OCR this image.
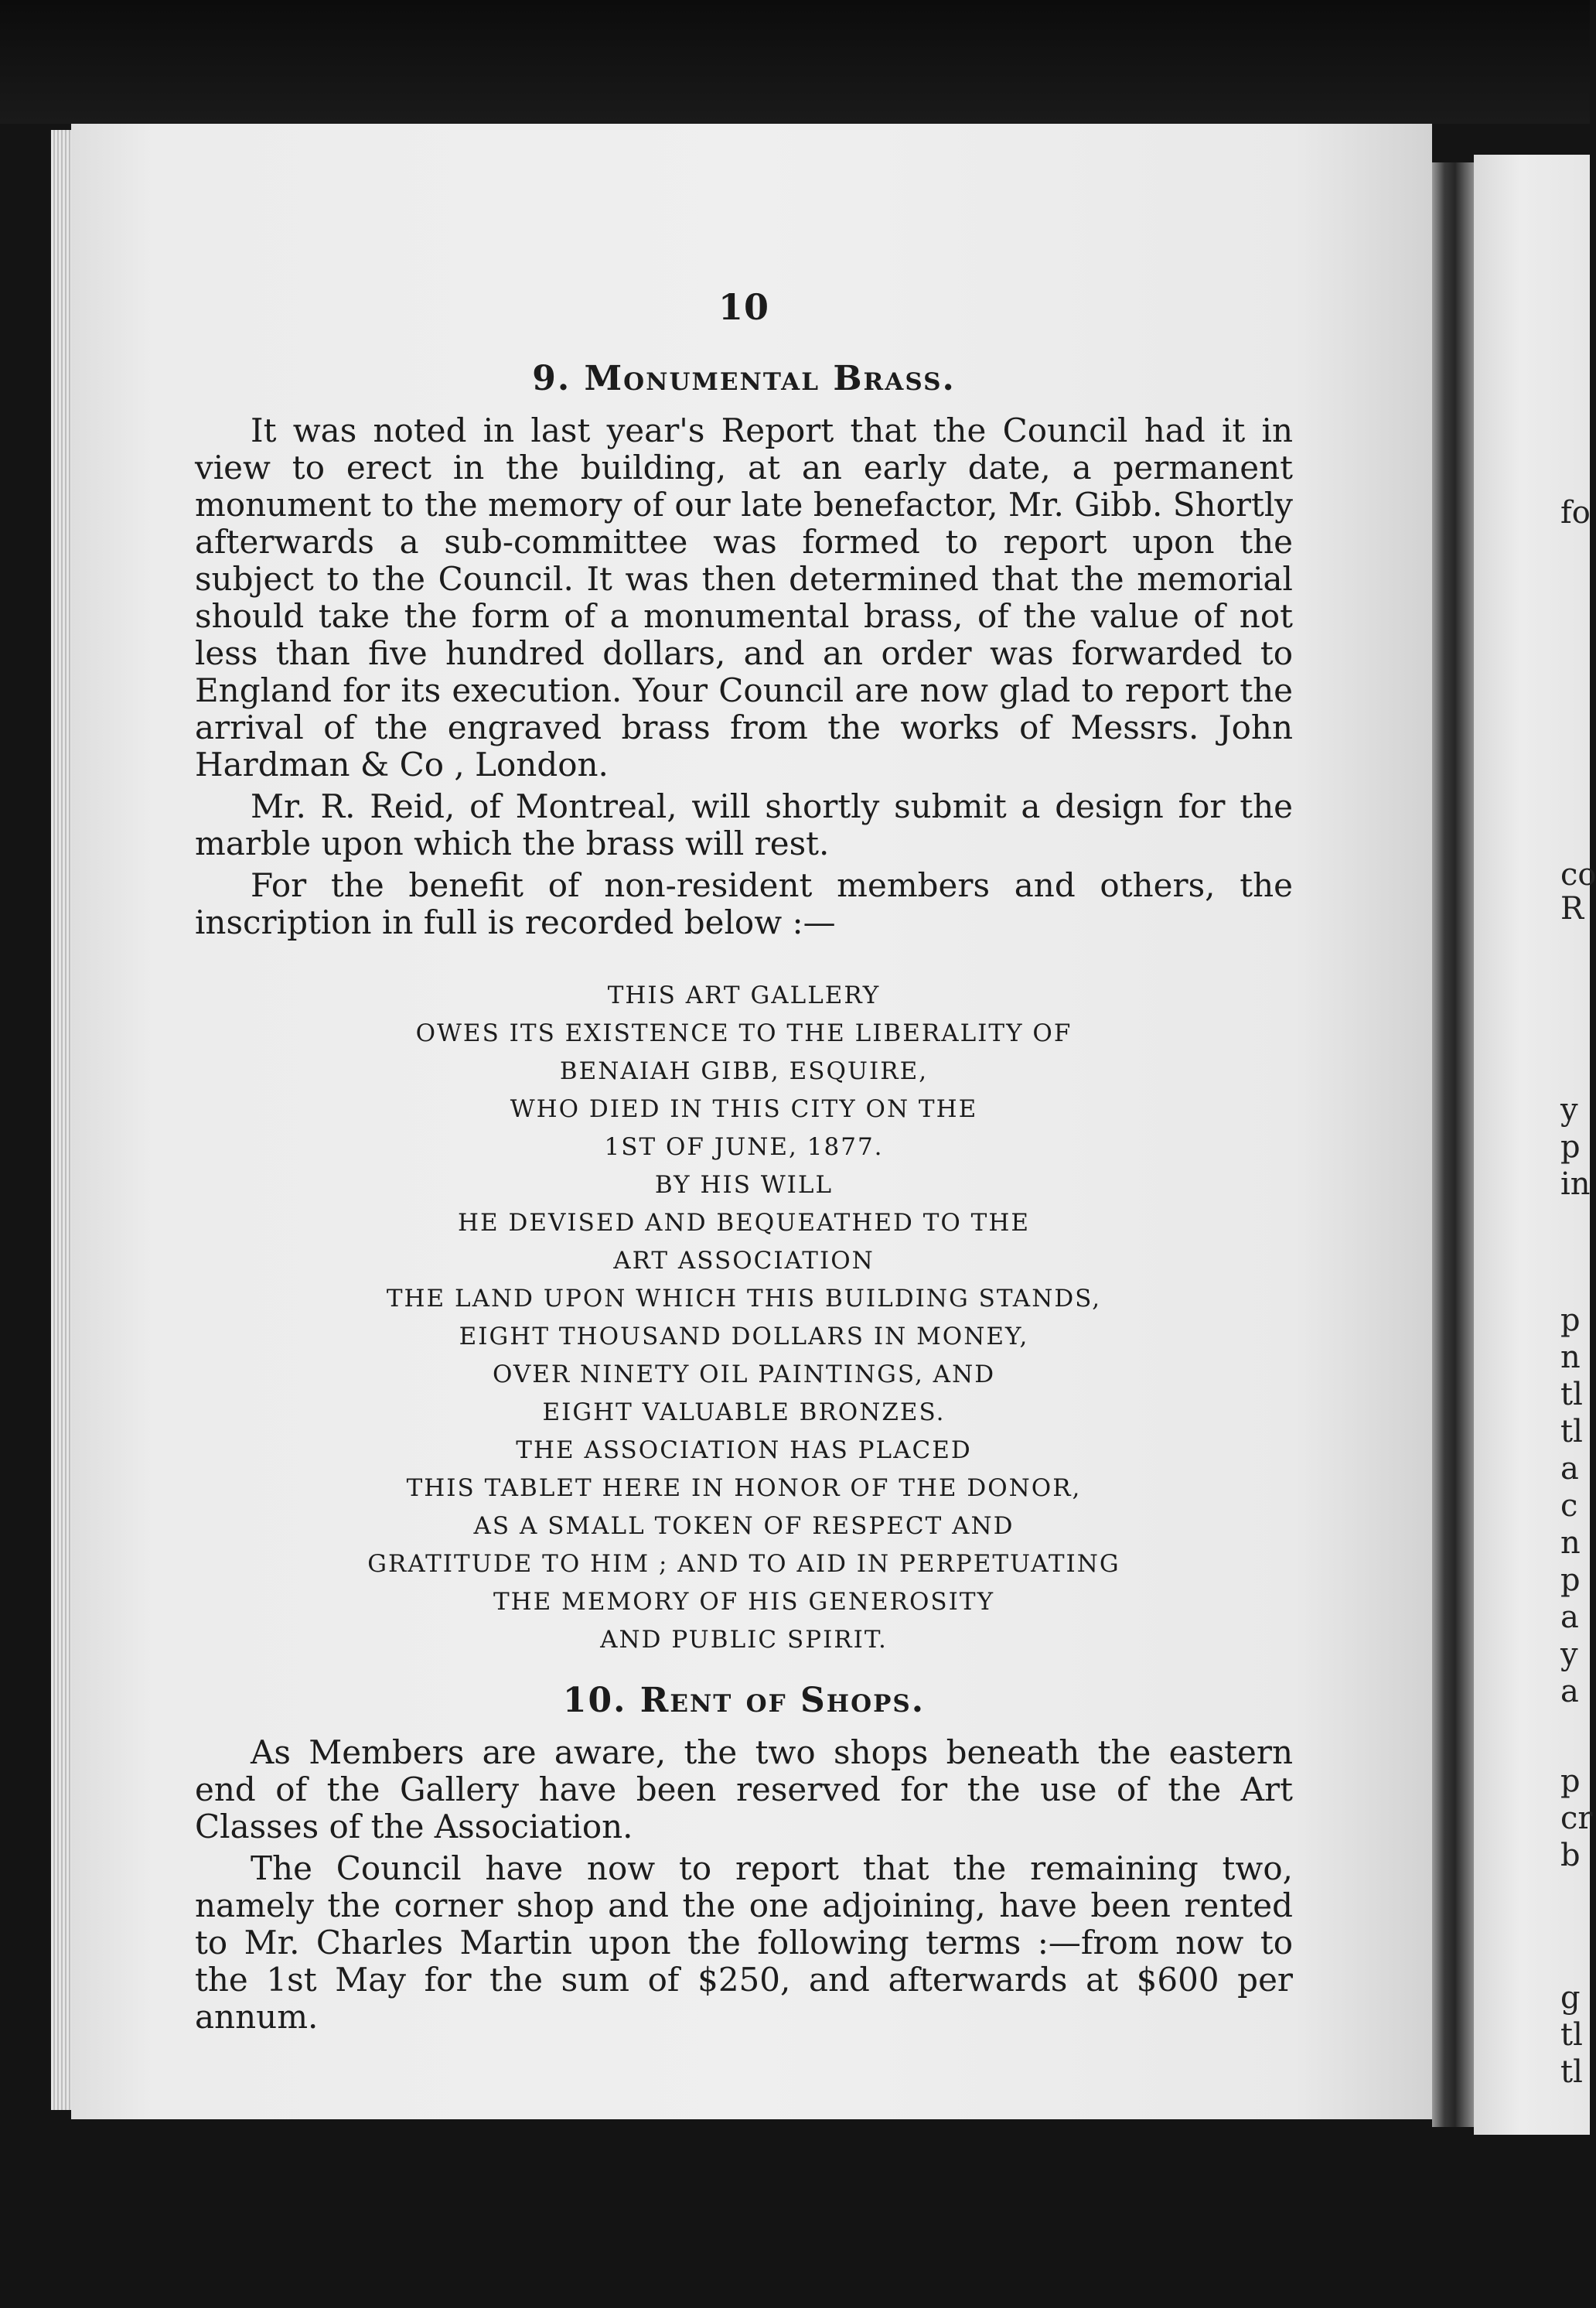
fo
co
R
y
p
in
p
n
tl
tl
a
c
n
p
a
y
a
p
cr
b
g
tl
tl
10
9. Monumental Brass.

It was noted in last year's Report that the Council had it in view to erect in the building, at an early date, a permanent monument to the memory of our late benefactor, Mr. Gibb. Shortly afterwards a sub-committee was formed to report upon the subject to the Council. It was then determined that the memorial should take the form of a monumental brass, of the value of not less than five hundred dollars, and an order was forwarded to England for its execution. Your Council are now glad to report the arrival of the engraved brass from the works of Messrs. John Hardman & Co , London.

Mr. R. Reid, of Montreal, will shortly submit a design for the marble upon which the brass will rest.

For the benefit of non-resident members and others, the inscription in full is recorded below :—

THIS ART GALLERY
OWES ITS EXISTENCE TO THE LIBERALITY OF
BENAIAH GIBB, ESQUIRE,
WHO DIED IN THIS CITY ON THE
1ST OF JUNE, 1877.
BY HIS WILL
HE DEVISED AND BEQUEATHED TO THE
ART ASSOCIATION
THE LAND UPON WHICH THIS BUILDING STANDS,
EIGHT THOUSAND DOLLARS IN MONEY,
OVER NINETY OIL PAINTINGS, AND
EIGHT VALUABLE BRONZES.
THE ASSOCIATION HAS PLACED
THIS TABLET HERE IN HONOR OF THE DONOR,
AS A SMALL TOKEN OF RESPECT AND
GRATITUDE TO HIM ; AND TO AID IN PERPETUATING
THE MEMORY OF HIS GENEROSITY
AND PUBLIC SPIRIT.
10. Rent of Shops.

As Members are aware, the two shops beneath the eastern end of the Gallery have been reserved for the use of the Art Classes of the Association.

The Council have now to report that the remaining two, namely the corner shop and the one adjoining, have been rented to Mr. Charles Martin upon the following terms :—from now to the 1st May for the sum of $250, and afterwards at $600 per annum.
